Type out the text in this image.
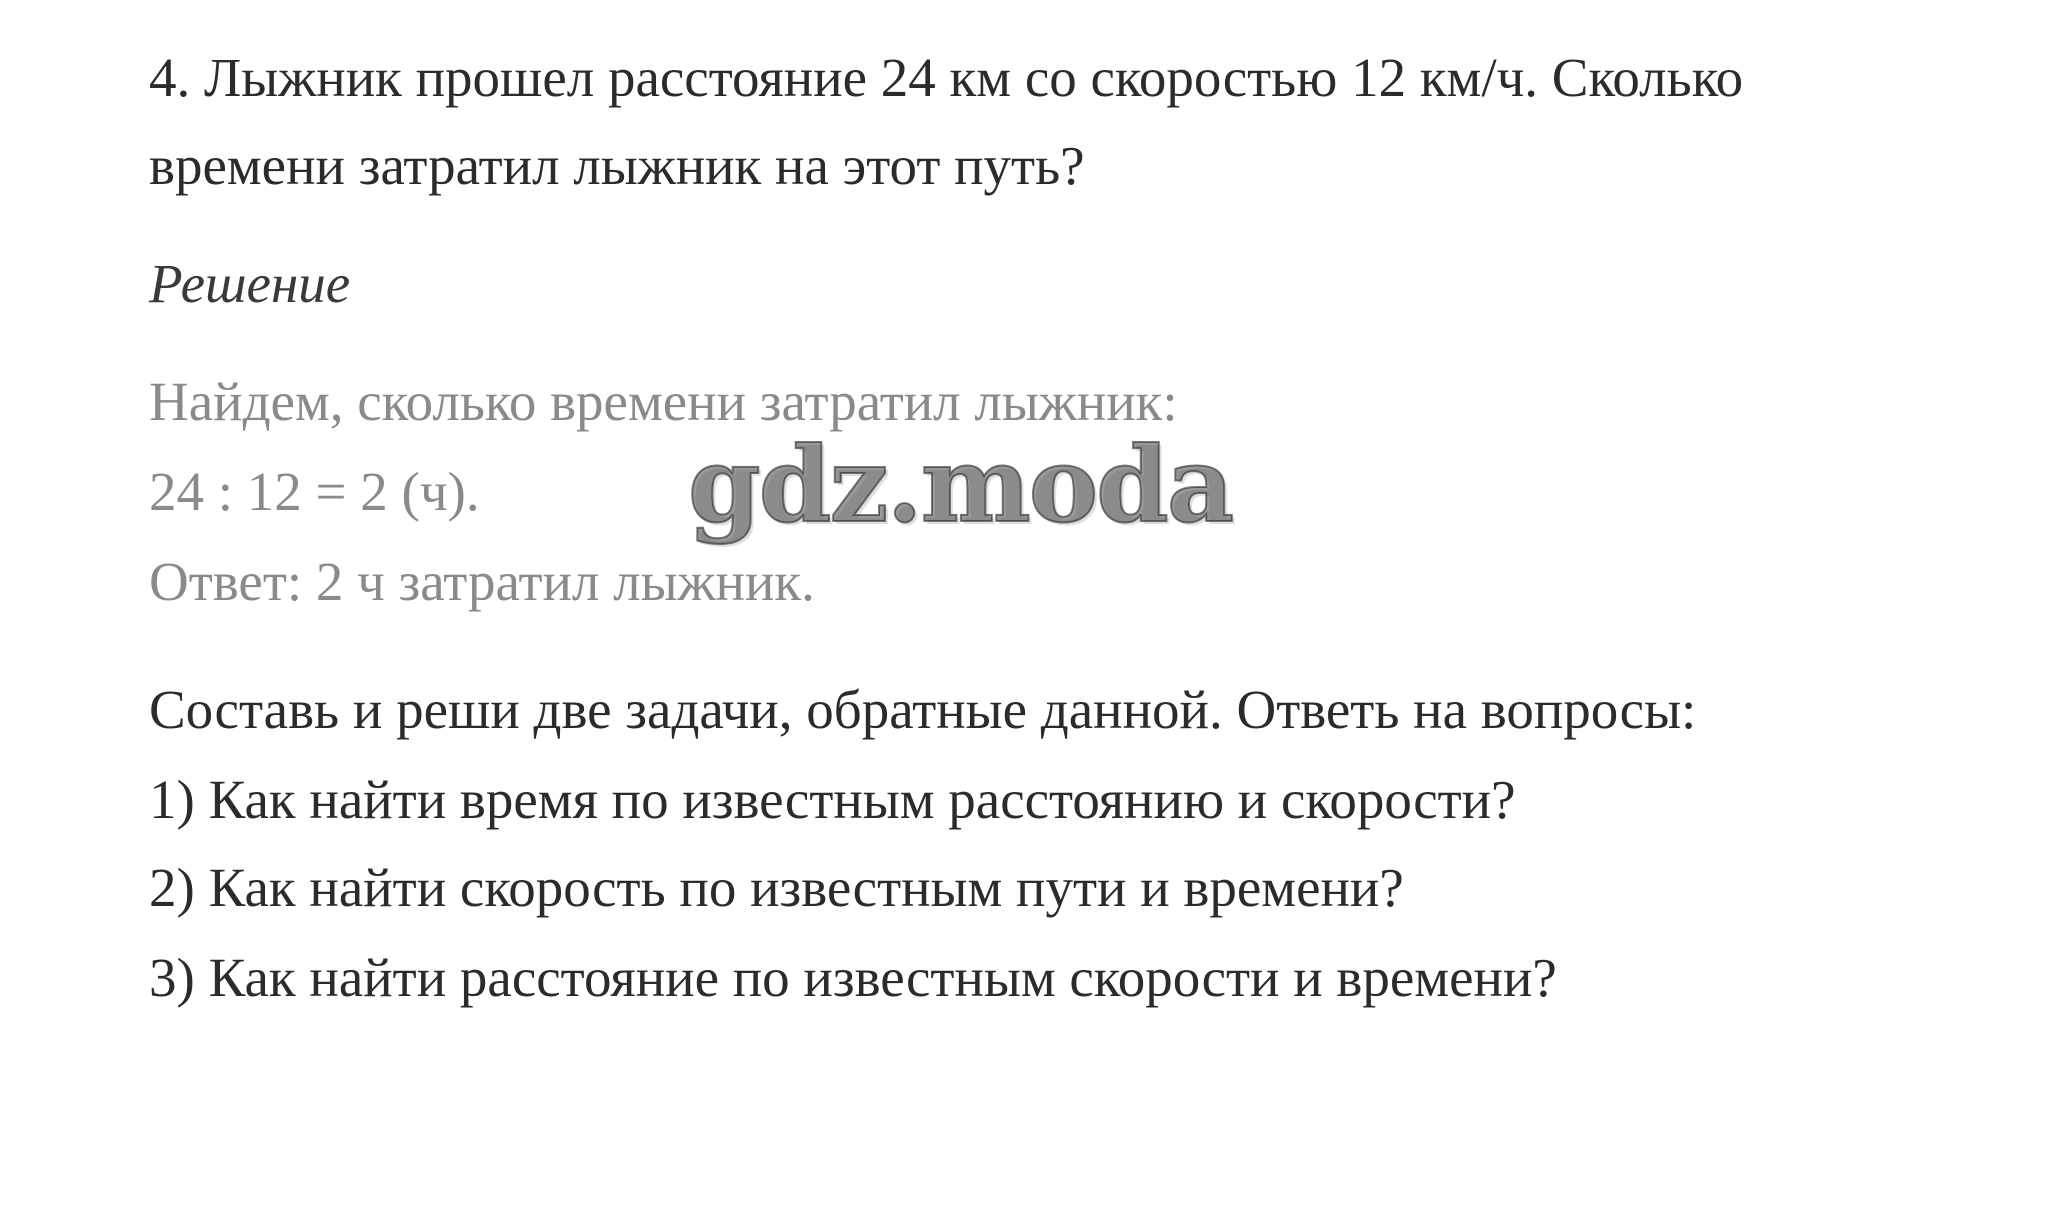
4. Лыжник прошел расстояние 24 км со скоростью 12 км/ч. Сколько

времени затратил лыжник на этот путь?

Решение

Найдем, сколько времени затратил лыжник:

24 : 12 = 2 (ч).

Ответ: 2 ч затратил лыжник.

Составь и реши две задачи, обратные данной. Ответь на вопросы:

1) Как найти время по известным расстоянию и скорости?

2) Как найти скорость по известным пути и времени?

3) Как найти расстояние по известным скорости и времени?

gdz.moda
